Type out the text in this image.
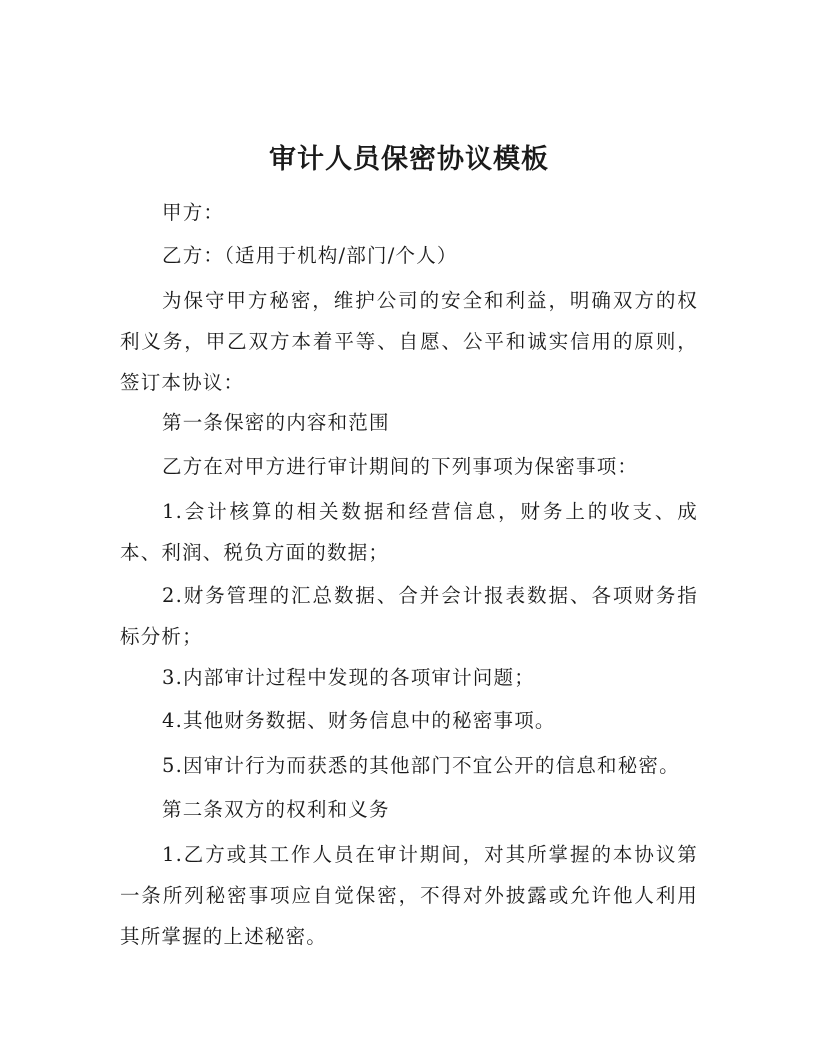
审计人员保密协议模板

甲方：

乙方：（适用于机构/部门/个人）

为保守甲方秘密，维护公司的安全和利益，明确双方的权利义务，甲乙双方本着平等、自愿、公平和诚实信用的原则，签订本协议：

第一条保密的内容和范围

乙方在对甲方进行审计期间的下列事项为保密事项：

1.会计核算的相关数据和经营信息，财务上的收支、成本、利润、税负方面的数据；

2.财务管理的汇总数据、合并会计报表数据、各项财务指标分析；

3.内部审计过程中发现的各项审计问题；

4.其他财务数据、财务信息中的秘密事项。

5.因审计行为而获悉的其他部门不宜公开的信息和秘密。

第二条双方的权利和义务

1.乙方或其工作人员在审计期间，对其所掌握的本协议第一条所列秘密事项应自觉保密，不得对外披露或允许他人利用其所掌握的上述秘密。
